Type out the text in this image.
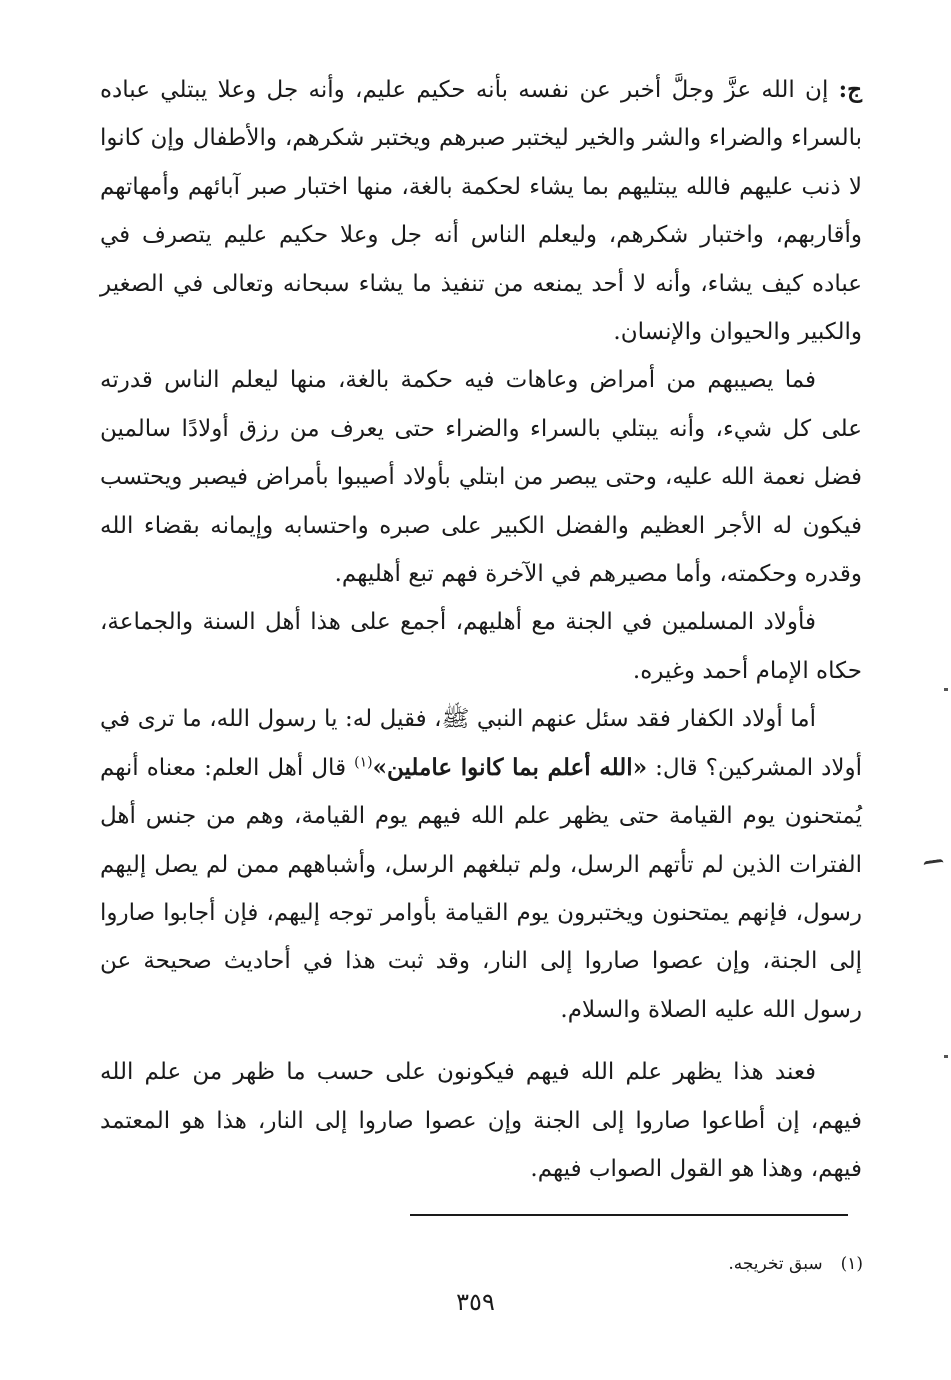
ج: إن الله عزَّ وجلَّ أخبر عن نفسه بأنه حكيم عليم، وأنه جل وعلا يبتلي عباده بالسراء والضراء والشر والخير ليختبر صبرهم ويختبر شكرهم، والأطفال وإن كانوا لا ذنب عليهم فالله يبتليهم بما يشاء لحكمة بالغة، منها اختبار صبر آبائهم وأمهاتهم وأقاربهم، واختبار شكرهم، وليعلم الناس أنه جل وعلا حكيم عليم يتصرف في عباده كيف يشاء، وأنه لا أحد يمنعه من تنفيذ ما يشاء سبحانه وتعالى في الصغير والكبير والحيوان والإنسان.

فما يصيبهم من أمراض وعاهات فيه حكمة بالغة، منها ليعلم الناس قدرته على كل شيء، وأنه يبتلي بالسراء والضراء حتى يعرف من رزق أولادًا سالمين فضل نعمة الله عليه، وحتى يبصر من ابتلي بأولاد أصيبوا بأمراض فيصبر ويحتسب فيكون له الأجر العظيم والفضل الكبير على صبره واحتسابه وإيمانه بقضاء الله وقدره وحكمته، وأما مصيرهم في الآخرة فهم تبع أهليهم.

فأولاد المسلمين في الجنة مع أهليهم، أجمع على هذا أهل السنة والجماعة، حكاه الإمام أحمد وغيره.

أما أولاد الكفار فقد سئل عنهم النبي ﷺ، فقيل له: يا رسول الله، ما ترى في أولاد المشركين؟ قال: «الله أعلم بما كانوا عاملين»$^{(١)}$ قال أهل العلم: معناه أنهم يُمتحنون يوم القيامة حتى يظهر علم الله فيهم يوم القيامة، وهم من جنس أهل الفترات الذين لم تأتهم الرسل، ولم تبلغهم الرسل، وأشباههم ممن لم يصل إليهم رسول، فإنهم يمتحنون ويختبرون يوم القيامة بأوامر توجه إليهم، فإن أجابوا صاروا إلى الجنة، وإن عصوا صاروا إلى النار، وقد ثبت هذا في أحاديث صحيحة عن رسول الله عليه الصلاة والسلام.

فعند هذا يظهر علم الله فيهم فيكونون على حسب ما ظهر من علم الله فيهم، إن أطاعوا صاروا إلى الجنة وإن عصوا صاروا إلى النار، هذا هو المعتمد فيهم، وهذا هو القول الصواب فيهم.

(١)سبق تخريجه.
٣٥٩
